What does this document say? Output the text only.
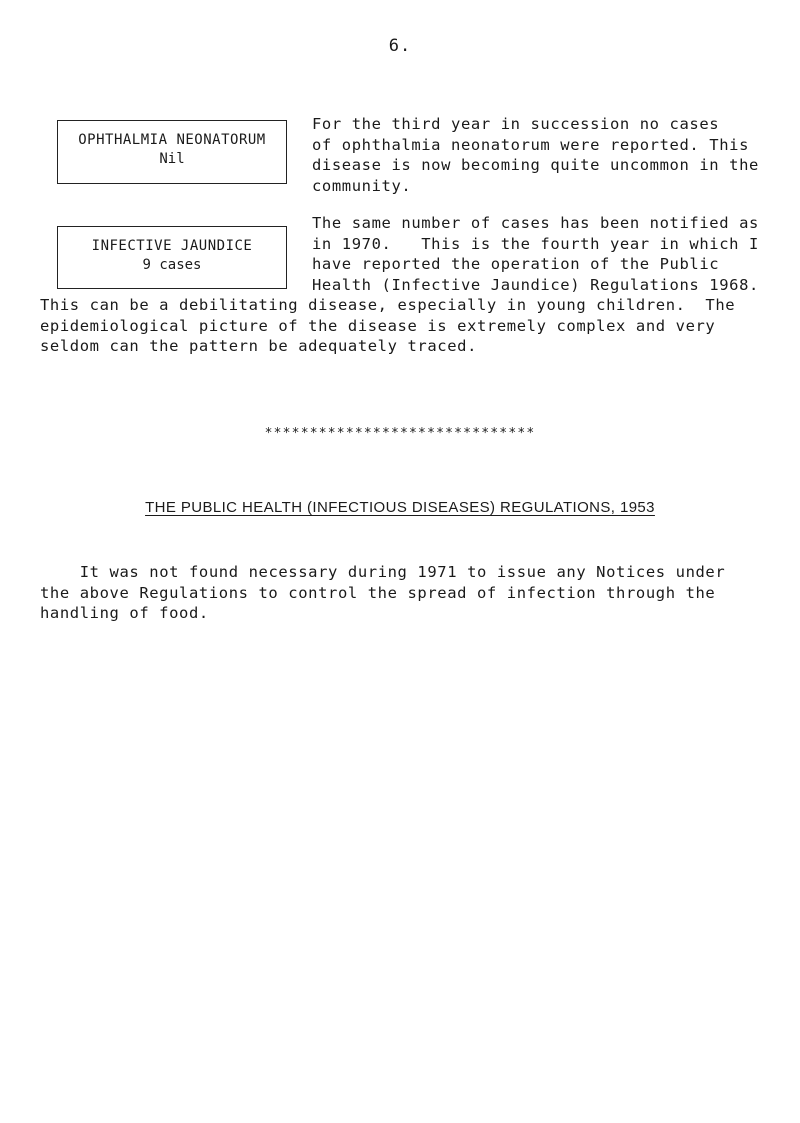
6.
OPHTHALMIA NEONATORUM
Nil

For the third year in succession no cases
of ophthalmia neonatorum were reported. This
disease is now becoming quite uncommon in the
community.

INFECTIVE JAUNDICE
9 cases

The same number of cases has been notified as
in 1970.   This is the fourth year in which I
have reported the operation of the Public
Health (Infective Jaundice) Regulations 1968.

This can be a debilitating disease, especially in young children.  The
epidemiological picture of the disease is extremely complex and very
seldom can the pattern be adequately traced.

******************************
THE PUBLIC HEALTH (INFECTIOUS DISEASES) REGULATIONS, 1953

It was not found necessary during 1971 to issue any Notices under
the above Regulations to control the spread of infection through the
handling of food.
